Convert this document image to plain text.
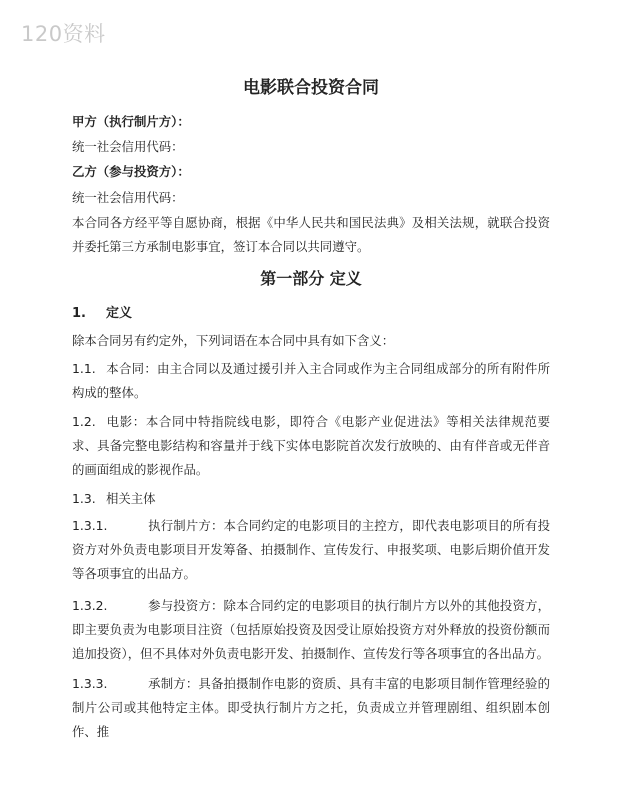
120资料
电影联合投资合同
甲方（执行制片方）：
统一社会信用代码：
乙方（参与投资方）：
统一社会信用代码：
本合同各方经平等自愿协商，根据《中华人民共和国民法典》及相关法规，就联合投资并委托第三方承制电影事宜，签订本合同以共同遵守。
第一部分 定义
1. 定义
除本合同另有约定外，下列词语在本合同中具有如下含义：
1.1. 本合同：由主合同以及通过援引并入主合同或作为主合同组成部分的所有附件所构成的整体。
1.2. 电影：本合同中特指院线电影，即符合《电影产业促进法》等相关法律规范要求、具备完整电影结构和容量并于线下实体电影院首次发行放映的、由有伴音或无伴音的画面组成的影视作品。
1.3. 相关主体
1.3.1.	执行制片方：本合同约定的电影项目的主控方，即代表电影项目的所有投资方对外负责电影项目开发筹备、拍摄制作、宣传发行、申报奖项、电影后期价值开发等各项事宜的出品方。
1.3.2.	参与投资方：除本合同约定的电影项目的执行制片方以外的其他投资方，即主要负责为电影项目注资（包括原始投资及因受让原始投资方对外释放的投资份额而追加投资），但不具体对外负责电影开发、拍摄制作、宣传发行等各项事宜的各出品方。
1.3.3.	承制方：具备拍摄制作电影的资质、具有丰富的电影项目制作管理经验的制片公司或其他特定主体。即受执行制片方之托，负责成立并管理剧组、组织剧本创作、推
